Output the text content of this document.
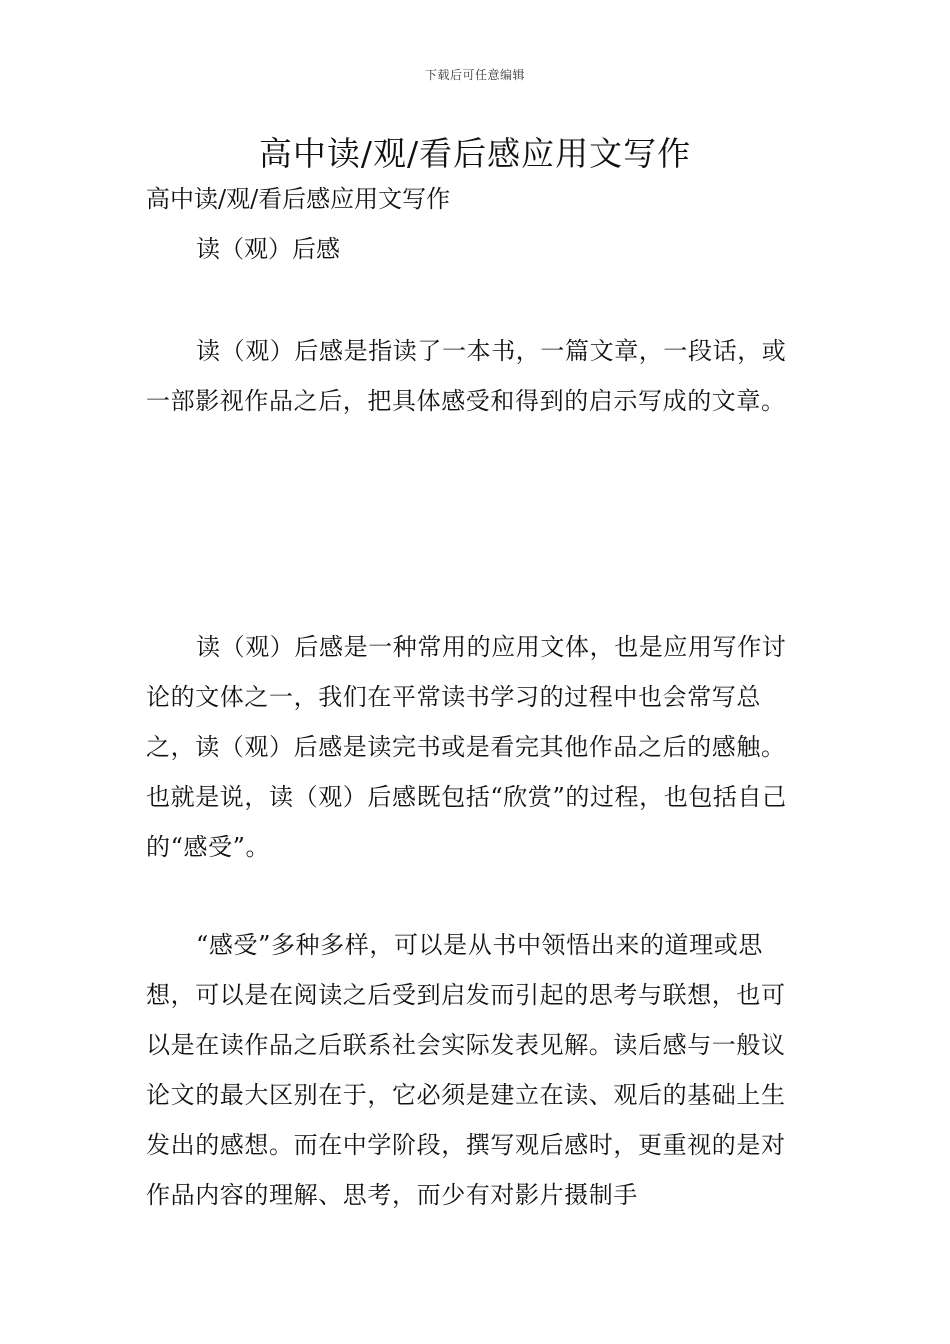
下载后可任意编辑
高中读/观/看后感应用文写作
高中读/观/看后感应用文写作
读（观）后感

读（观）后感是指读了一本书，一篇文章，一段话，或一部影视作品之后，把具体感受和得到的启示写成的文章。

读（观）后感是一种常用的应用文体，也是应用写作讨论的文体之一，我们在平常读书学习的过程中也会常写总之，读（观）后感是读完书或是看完其他作品之后的感触。也就是说，读（观）后感既包括“欣赏”的过程，也包括自己的“感受”。

“感受”多种多样，可以是从书中领悟出来的道理或思想，可以是在阅读之后受到启发而引起的思考与联想，也可以是在读作品之后联系社会实际发表见解。读后感与一般议论文的最大区别在于，它必须是建立在读、观后的基础上生发出的感想。而在中学阶段，撰写观后感时，更重视的是对作品内容的理解、思考，而少有对影片摄制手
